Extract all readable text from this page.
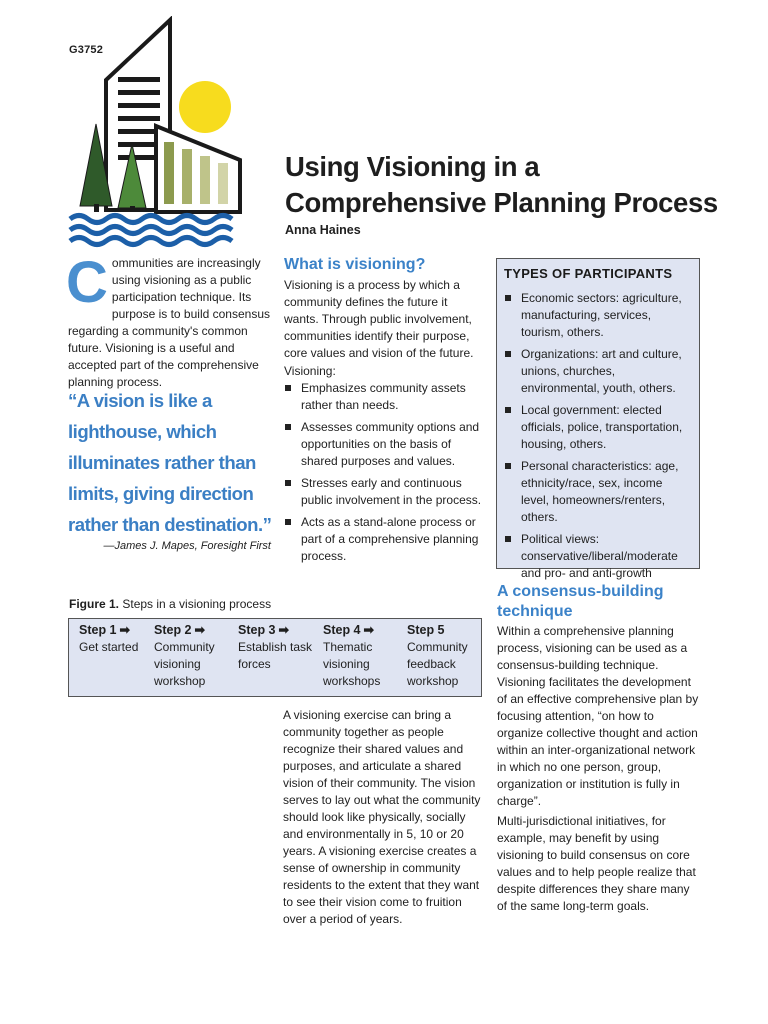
G3752
Using Visioning in a
Comprehensive Planning Process
Anna Haines
Communities are increasingly using visioning as a public participation technique. Its purpose is to build consensus regarding a community's common future. Visioning is a useful and accepted part of the comprehensive planning process.
“A vision is like a lighthouse, which illuminates rather than limits, giving direction rather than destination.”
—James J. Mapes, Foresight First
What is visioning?
Visioning is a process by which a community defines the future it wants. Through public involvement, communities identify their purpose, core values and vision of the future.
Visioning:
Emphasizes community assets rather than needs.
Assesses community options and opportunities on the basis of shared purposes and values.
Stresses early and continuous public involvement in the process.
Acts as a stand-alone process or part of a comprehensive planning process.
TYPES OF PARTICIPANTS
Economic sectors: agriculture, manufacturing, services, tourism, others.
Organizations: art and culture, unions, churches, environmental, youth, others.
Local government: elected officials, police, transportation, housing, others.
Personal characteristics: age, ethnicity/race, sex, income level, homeowners/renters, others.
Political views: conservative/liberal/moderate and pro- and anti-growth
A consensus-building technique
Within a comprehensive planning process, visioning can be used as a consensus-building technique. Visioning facilitates the development of an effective comprehensive plan by focusing attention, “on how to organize collective thought and action within an inter-organizational network in which no one person, group, organization or institution is fully in charge”.
Multi-jurisdictional initiatives, for example, may benefit by using visioning to build consensus on core values and to help people realize that despite differences they share many of the same long-term goals.
Figure 1. Steps in a visioning process
Step 1 ➡
Get started
Step 2 ➡
Community visioning workshop
Step 3 ➡
Establish task forces
Step 4 ➡
Thematic visioning workshops
Step 5
Community feedback workshop
A visioning exercise can bring a community together as people recognize their shared values and purposes, and articulate a shared vision of their community. The vision serves to lay out what the community should look like physically, socially and environmentally in 5, 10 or 20 years. A visioning exercise creates a sense of ownership in community residents to the extent that they want to see their vision come to fruition over a period of years.
